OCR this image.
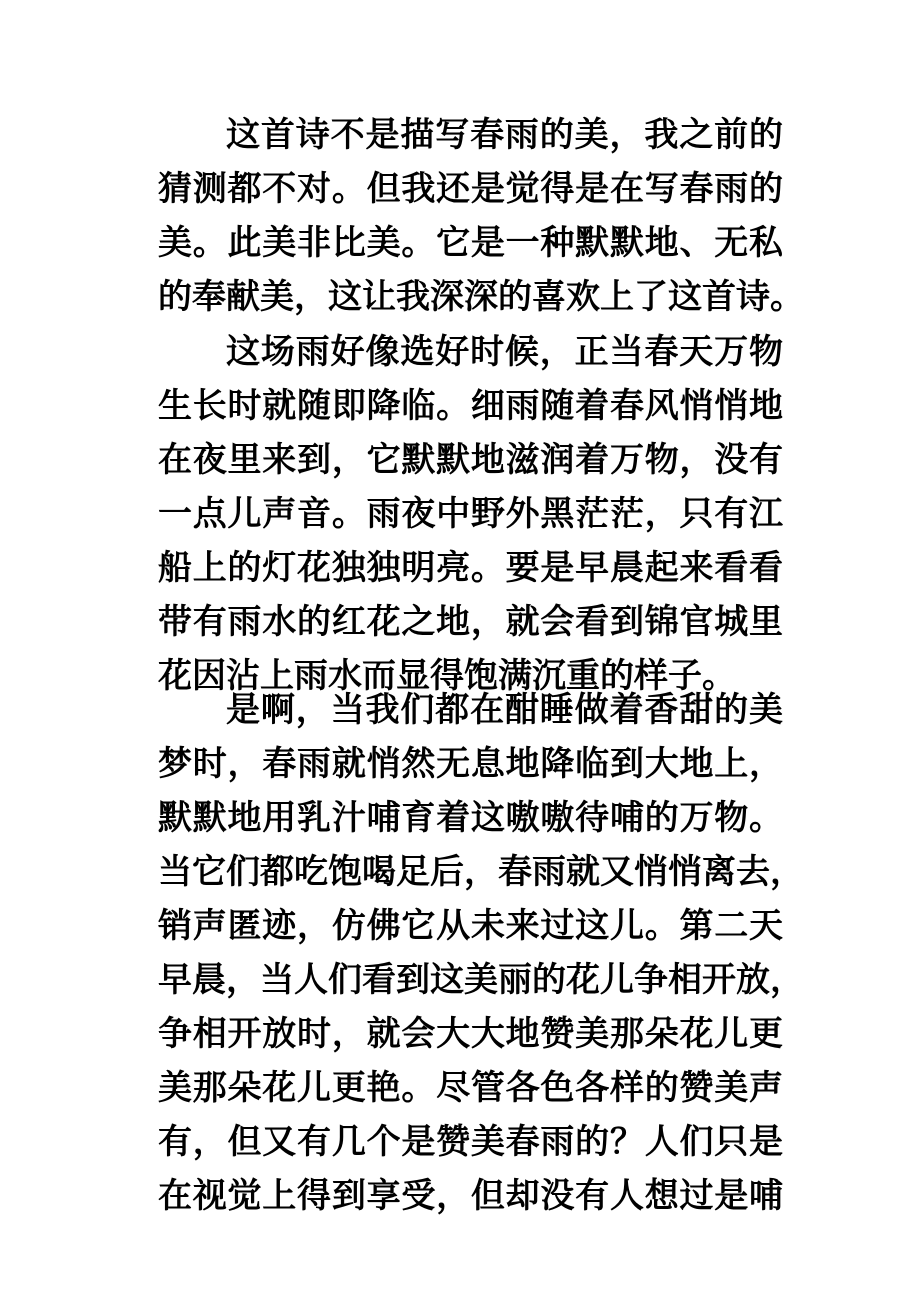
这首诗不是描写春雨的美，我之前的
猜测都不对。但我还是觉得是在写春雨的
美。此美非比美。它是一种默默地、无私
的奉献美，这让我深深的喜欢上了这首诗。
这场雨好像选好时候，正当春天万物
生长时就随即降临。细雨随着春风悄悄地
在夜里来到，它默默地滋润着万物，没有
一点儿声音。雨夜中野外黑茫茫，只有江
船上的灯花独独明亮。要是早晨起来看看
带有雨水的红花之地，就会看到锦官城里
花因沾上雨水而显得饱满沉重的样子。
是啊，当我们都在酣睡做着香甜的美
梦时，春雨就悄然无息地降临到大地上，
默默地用乳汁哺育着这嗷嗷待哺的万物。
当它们都吃饱喝足后，春雨就又悄悄离去，
销声匿迹，仿佛它从未来过这儿。第二天
早晨，当人们看到这美丽的花儿争相开放，
争相开放时，就会大大地赞美那朵花儿更
美那朵花儿更艳。尽管各色各样的赞美声
有，但又有几个是赞美春雨的？人们只是
在视觉上得到享受，但却没有人想过是哺
